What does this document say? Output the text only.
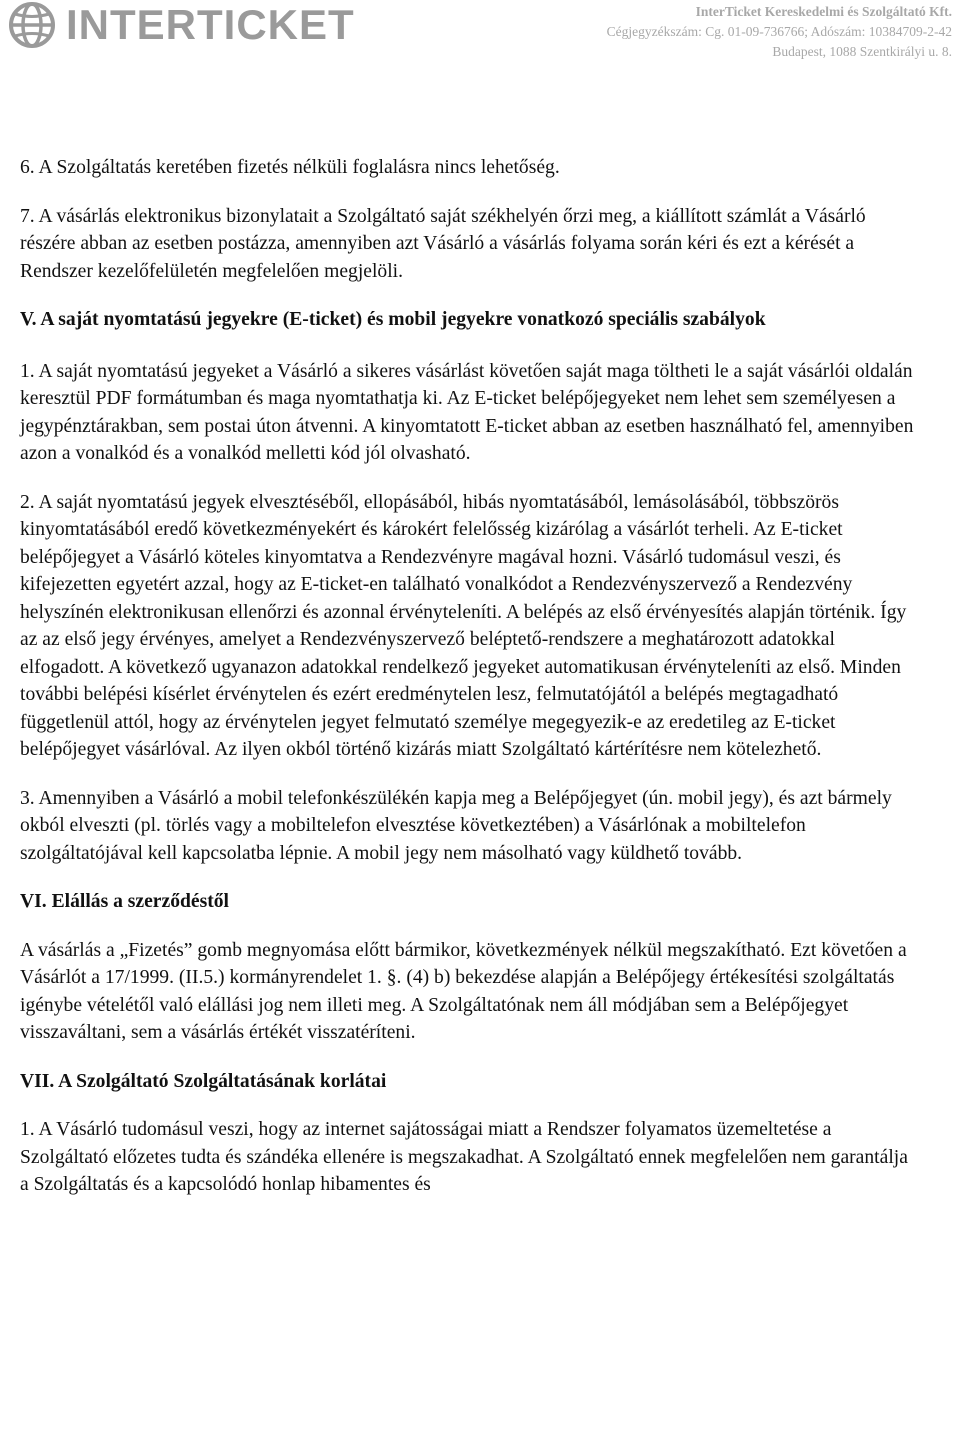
INTERTICKET	InterTicket Kereskedelmi és Szolgáltató Kft.
Cégjegyzékszám: Cg. 01-09-736766; Adószám: 10384709-2-42
Budapest, 1088 Szentkirályi u. 8.

6. A Szolgáltatás keretében fizetés nélküli foglalásra nincs lehetőség.

7. A vásárlás elektronikus bizonylatait a Szolgáltató saját székhelyén őrzi meg, a kiállított számlát a Vásárló részére abban az esetben postázza, amennyiben azt Vásárló a vásárlás folyama során kéri és ezt a kérését a Rendszer kezelőfelületén megfelelően megjelöli.

V. A saját nyomtatású jegyekre (E-ticket) és mobil jegyekre vonatkozó speciális szabályok

1. A saját nyomtatású jegyeket a Vásárló a sikeres vásárlást követően saját maga töltheti le a saját vásárlói oldalán keresztül PDF formátumban és maga nyomtathatja ki. Az E-ticket belépőjegyeket nem lehet sem személyesen a jegypénztárakban, sem postai úton átvenni. A kinyomtatott E-ticket abban az esetben használható fel, amennyiben azon a vonalkód és a vonalkód melletti kód jól olvasható.

2. A saját nyomtatású jegyek elvesztéséből, ellopásából, hibás nyomtatásából, lemásolásából, többszörös kinyomtatásából eredő következményekért és károkért felelősség kizárólag a vásárlót terheli. Az E-ticket belépőjegyet a Vásárló köteles kinyomtatva a Rendezvényre magával hozni. Vásárló tudomásul veszi, és kifejezetten egyetért azzal, hogy az E-ticket-en található vonalkódot a Rendezvényszervező a Rendezvény helyszínén elektronikusan ellenőrzi és azonnal érvényteleníti. A belépés az első érvényesítés alapján történik. Így az az első jegy érvényes, amelyet a Rendezvényszervező beléptető-rendszere a meghatározott adatokkal elfogadott. A következő ugyanazon adatokkal rendelkező jegyeket automatikusan érvényteleníti az első. Minden további belépési kísérlet érvénytelen és ezért eredménytelen lesz, felmutatójától a belépés megtagadható függetlenül attól, hogy az érvénytelen jegyet felmutató személye megegyezik-e az eredetileg az E-ticket belépőjegyet vásárlóval. Az ilyen okból történő kizárás miatt Szolgáltató kártérítésre nem kötelezhető.

3. Amennyiben a Vásárló a mobil telefonkészülékén kapja meg a Belépőjegyet (ún. mobil jegy), és azt bármely okból elveszti (pl. törlés vagy a mobiltelefon elvesztése következtében) a Vásárlónak a mobiltelefon szolgáltatójával kell kapcsolatba lépnie. A mobil jegy nem másolható vagy küldhető tovább.

VI. Elállás a szerződéstől

A vásárlás a „Fizetés” gomb megnyomása előtt bármikor, következmények nélkül megszakítható. Ezt követően a Vásárlót a 17/1999. (II.5.) kormányrendelet 1. §. (4) b) bekezdése alapján a Belépőjegy értékesítési szolgáltatás igénybe vételétől való elállási jog nem illeti meg. A Szolgáltatónak nem áll módjában sem a Belépőjegyet visszaváltani, sem a vásárlás értékét visszatéríteni.

VII. A Szolgáltató Szolgáltatásának korlátai

1. A Vásárló tudomásul veszi, hogy az internet sajátosságai miatt a Rendszer folyamatos üzemeltetése a Szolgáltató előzetes tudta és szándéka ellenére is megszakadhat. A Szolgáltató ennek megfelelően nem garantálja a Szolgáltatás és a kapcsolódó honlap hibamentes és
